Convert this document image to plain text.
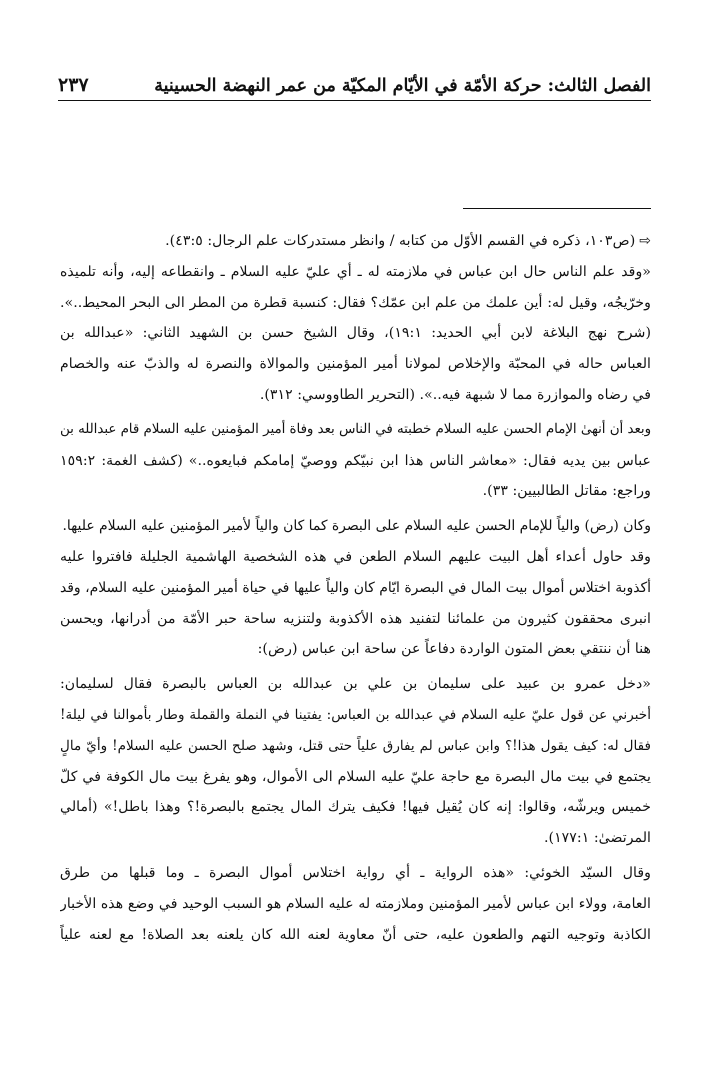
الفصل الثالث: حركة الأمّة في الأيّام المكيّة من عمر النهضة الحسينية
٢٣٧

⇨(ص١٠٣، ذكره في القسم الأوّل من كتابه / وانظر مستدركات علم الرجال: ٤٣:٥).

«وقد علم الناس حال ابن عباس في ملازمته له ـ أي عليّ عليه السلام ـ وانقطاعه إليه، وأنه تلميذه
وخرّيجُه، وقيل له: أين علمك من علم ابن عمّك؟ فقال: كنسبة قطرة من المطر الى البحر المحيط..».
(شرح نهج البلاغة لابن أبي الحديد: ١٩:١)، وقال الشيخ حسن بن الشهيد الثاني: «عبدالله بن
العباس حاله في المحبّة والإخلاص لمولانا أمير المؤمنين والموالاة والنصرة له والذبّ عنه والخصام
في رضاه والموازرة مما لا شبهة فيه..». (التحرير الطاووسي: ٣١٢).

وبعد أن أنهىٰ الإمام الحسن عليه السلام خطبته في الناس بعد وفاة أمير المؤمنين عليه السلام قام عبدالله بن
عباس بين يديه فقال: «معاشر الناس هذا ابن نبيّكم ووصيّ إمامكم فبايعوه..» (كشف الغمة: ١٥٩:٢
وراجع: مقاتل الطالبيين: ٣٣).

وكان (رض) والياً للإمام الحسن عليه السلام على البصرة كما كان والياً لأمير المؤمنين عليه السلام عليها.

وقد حاول أعداء أهل البيت عليهم السلام الطعن في هذه الشخصية الهاشمية الجليلة فافتروا عليه
أكذوبة اختلاس أموال بيت المال في البصرة ايّام كان والياً عليها في حياة أمير المؤمنين عليه السلام، وقد
انبرى محققون كثيرون من علمائنا لتفنيد هذه الأكذوبة ولتنزيه ساحة حبر الأمّة من أدرانها، ويحسن
هنا أن ننتقي بعض المتون الواردة دفاعاً عن ساحة ابن عباس (رض):

«دخل عمرو بن عبيد على سليمان بن علي بن عبدالله بن العباس بالبصرة فقال لسليمان:
أخبرني عن قول عليّ عليه السلام في عبدالله بن العباس: يفتينا في النملة والقملة وطار بأموالنا في ليلة!
فقال له: كيف يقول هذا!؟ وابن عباس لم يفارق علياً حتى قتل، وشهد صلح الحسن عليه السلام! وأيّ مالٍ
يجتمع في بيت مال البصرة مع حاجة عليّ عليه السلام الى الأموال، وهو يفرغ بيت مال الكوفة في كلّ
خميس ويرشّه، وقالوا: إنه كان يُقيل فيها! فكيف يترك المال يجتمع بالبصرة!؟ وهذا باطل!» (أمالي
المرتضىٰ: ١٧٧:١).

وقال السيّد الخوئي: «هذه الرواية ـ أي رواية اختلاس أموال البصرة ـ وما قبلها من طرق
العامة، وولاء ابن عباس لأمير المؤمنين وملازمته له عليه السلام هو السبب الوحيد في وضع هذه الأخبار
الكاذبة وتوجيه التهم والطعون عليه، حتى أنّ معاوية لعنه الله كان يلعنه بعد الصلاة! مع لعنه علياً
